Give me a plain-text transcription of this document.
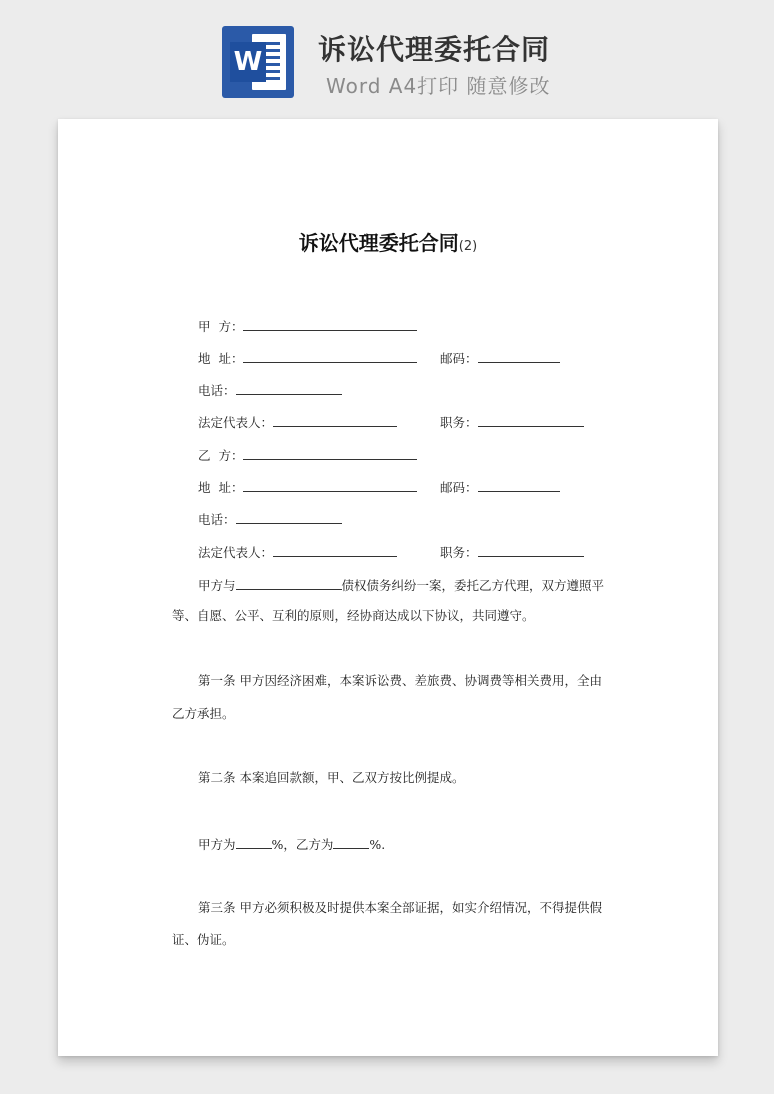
W 诉讼代理委托合同
Word A4打印 随意修改
诉讼代理委托合同(2)
甲  方：
地  址：	邮码：
电话：
法定代表人：	职务：
乙  方：
地  址：	邮码：
电话：
法定代表人：	职务：
甲方与	债权债务纠纷一案，委托乙方代理，双方遵照平
等、自愿、公平、互利的原则，经协商达成以下协议，共同遵守。
第一条 甲方因经济困难，本案诉讼费、差旅费、协调费等相关费用，全由
乙方承担。
第二条 本案追回款额，甲、乙双方按比例提成。
甲方为	%，乙方为	%.
第三条 甲方必须积极及时提供本案全部证据，如实介绍情况，不得提供假
证、伪证。
